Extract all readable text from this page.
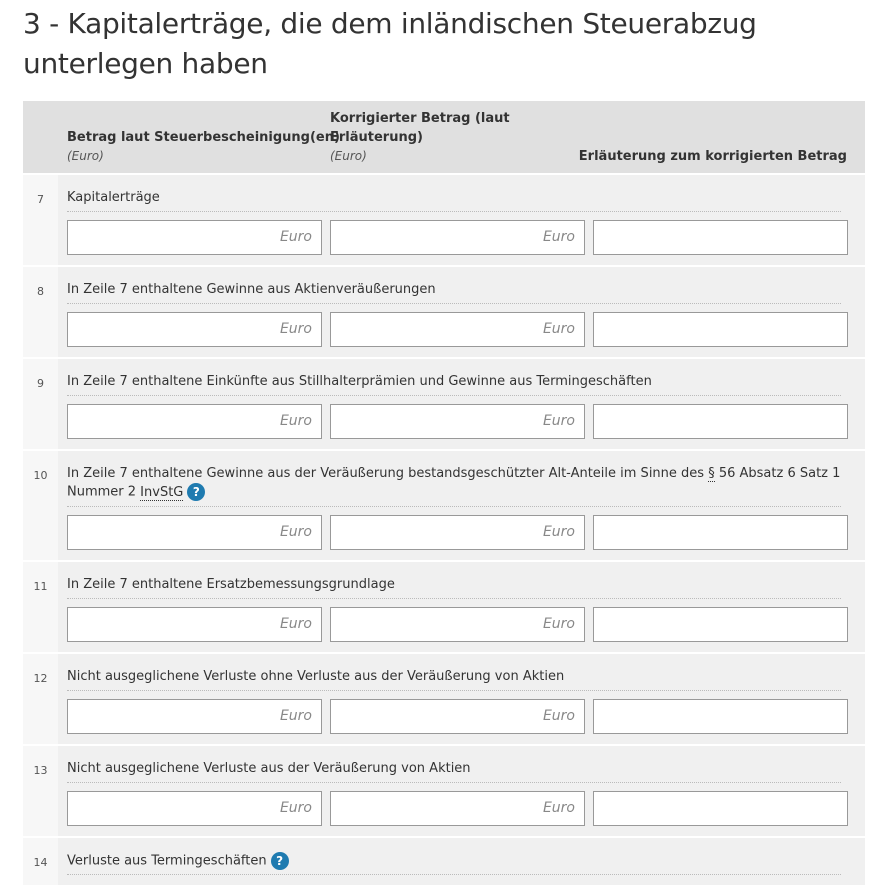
3 - Kapitalerträge, die dem inländischen Steuerabzug unterlegen haben
Betrag laut Steuerbescheinigung(en)
(Euro)
Korrigierter Betrag (laut Erläuterung)
(Euro)	Erläuterung zum korrigierten Betrag
7	Kapitalerträge
Euro	Euro
8	In Zeile 7 enthaltene Gewinne aus Aktienveräußerungen
Euro	Euro
9	In Zeile 7 enthaltene Einkünfte aus Stillhalterprämien und Gewinne aus Termingeschäften
Euro	Euro
10	In Zeile 7 enthaltene Gewinne aus der Veräußerung bestandsgeschützter Alt-Anteile im Sinne des § 56 Absatz 6 Satz 1 Nummer 2 InvStG ?
Euro	Euro
11	In Zeile 7 enthaltene Ersatzbemessungsgrundlage
Euro	Euro
12	Nicht ausgeglichene Verluste ohne Verluste aus der Veräußerung von Aktien
Euro	Euro
13	Nicht ausgeglichene Verluste aus der Veräußerung von Aktien
Euro	Euro
14	Verluste aus Termingeschäften ?
